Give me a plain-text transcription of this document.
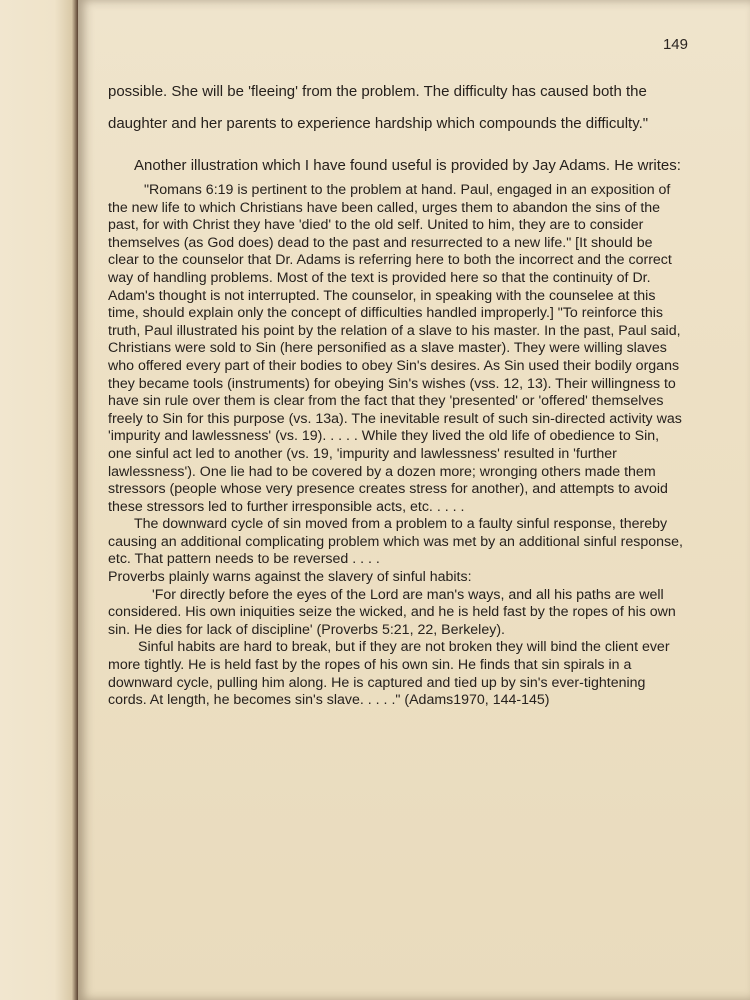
149

possible. She will be 'fleeing' from the problem. The difficulty has caused both the daughter and her parents to experience hardship which compounds the difficulty."

Another illustration which I have found useful is provided by Jay Adams. He writes:

"Romans 6:19 is pertinent to the problem at hand. Paul, engaged in an exposition of the new life to which Christians have been called, urges them to abandon the sins of the past, for with Christ they have 'died' to the old self. United to him, they are to consider themselves (as God does) dead to the past and resurrected to a new life." [It should be clear to the counselor that Dr. Adams is referring here to both the incorrect and the correct way of handling problems. Most of the text is provided here so that the continuity of Dr. Adam's thought is not interrupted. The counselor, in speaking with the counselee at this time, should explain only the concept of difficulties handled improperly.] "To reinforce this truth, Paul illustrated his point by the relation of a slave to his master. In the past, Paul said, Christians were sold to Sin (here personified as a slave master). They were willing slaves who offered every part of their bodies to obey Sin's desires. As Sin used their bodily organs they became tools (instruments) for obeying Sin's wishes (vss. 12, 13). Their willingness to have sin rule over them is clear from the fact that they 'presented' or 'offered' themselves freely to Sin for this purpose (vs. 13a). The inevitable result of such sin-directed activity was 'impurity and lawlessness' (vs. 19). . . . . While they lived the old life of obedience to Sin, one sinful act led to another (vs. 19, 'impurity and lawlessness' resulted in 'further lawlessness'). One lie had to be covered by a dozen more; wronging others made them stressors (people whose very presence creates stress for another), and attempts to avoid these stressors led to further irresponsible acts, etc. . . . .

The downward cycle of sin moved from a problem to a faulty sinful response, thereby causing an additional complicating problem which was met by an additional sinful response, etc. That pattern needs to be reversed . . . .

Proverbs plainly warns against the slavery of sinful habits:

'For directly before the eyes of the Lord are man's ways, and all his paths are well considered. His own iniquities seize the wicked, and he is held fast by the ropes of his own sin. He dies for lack of discipline' (Proverbs 5:21, 22, Berkeley).

Sinful habits are hard to break, but if they are not broken they will bind the client ever more tightly. He is held fast by the ropes of his own sin. He finds that sin spirals in a downward cycle, pulling him along. He is captured and tied up by sin's ever-tightening cords. At length, he becomes sin's slave. . . . ." (Adams1970, 144-145)
